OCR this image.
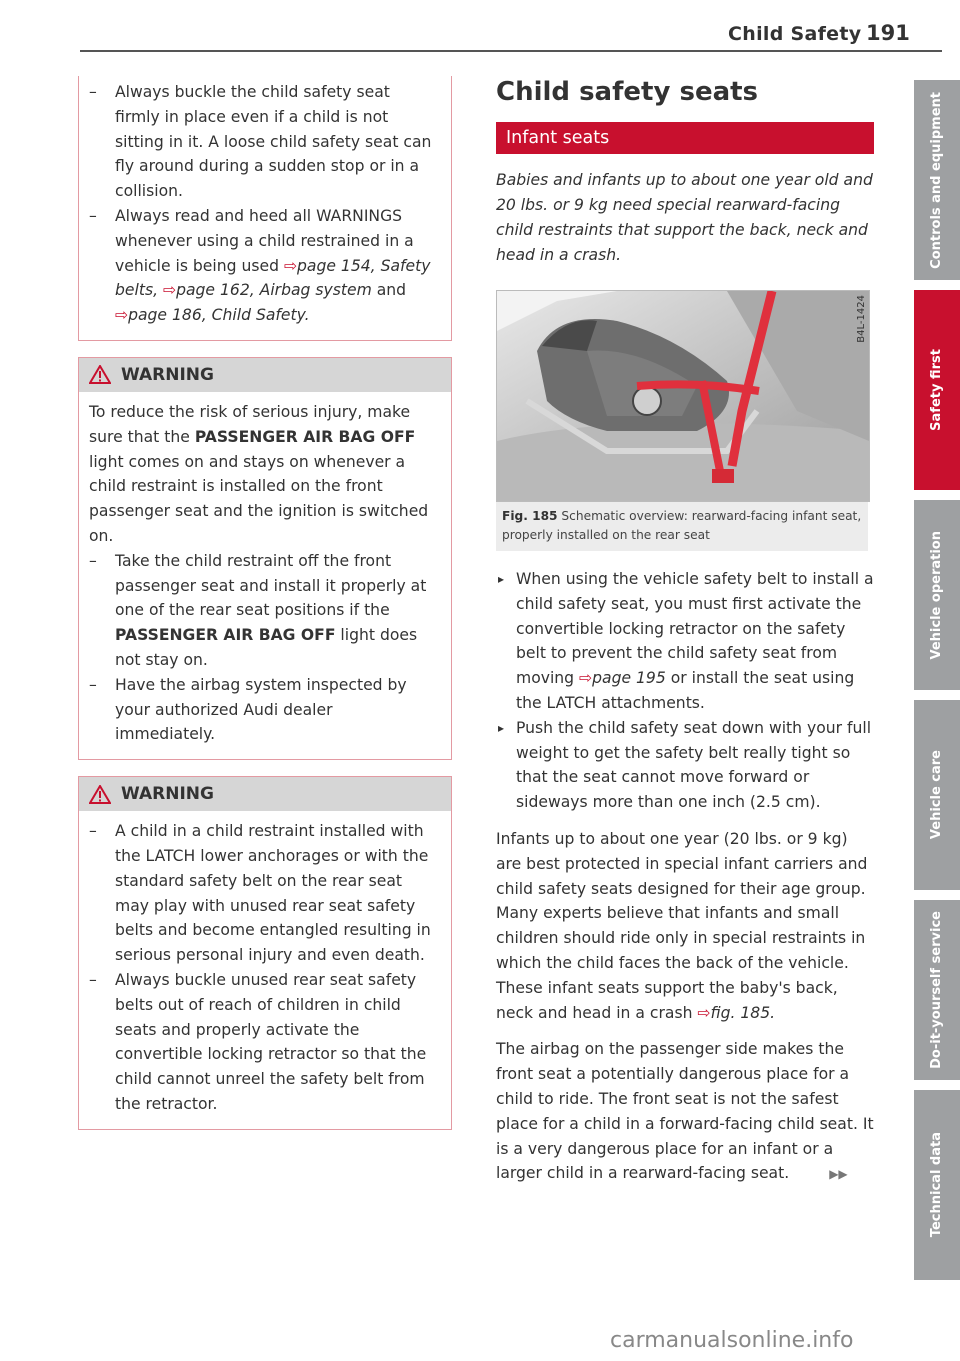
Child Safety 191

– Always buckle the child safety seat firmly in place even if a child is not sitting in it. A loose child safety seat can fly around during a sudden stop or in a collision.

– Always read and heed all WARNINGS whenever using a child restrained in a vehicle is being used ⇨page 154, Safety belts, ⇨page 162, Airbag system and ⇨page 186, Child Safety.

WARNING

To reduce the risk of serious injury, make sure that the PASSENGER AIR BAG OFF light comes on and stays on whenever a child restraint is installed on the front passenger seat and the ignition is switched on.

– Take the child restraint off the front passenger seat and install it properly at one of the rear seat positions if the PASSENGER AIR BAG OFF light does not stay on.

– Have the airbag system inspected by your authorized Audi dealer immediately.

WARNING

– A child in a child restraint installed with the LATCH lower anchorages or with the standard safety belt on the rear seat may play with unused rear seat safety belts and become entangled resulting in serious personal injury and even death.

– Always buckle unused rear seat safety belts out of reach of children in child seats and properly activate the convertible locking retractor so that the child cannot unreel the safety belt from the retractor.

Child safety seats
Infant seats

Babies and infants up to about one year old and 20 lbs. or 9 kg need special rearward-facing child restraints that support the back, neck and head in a crash.

B4L-1424
Fig. 185 Schematic overview: rearward-facing infant seat, properly installed on the rear seat

▸ When using the vehicle safety belt to install a child safety seat, you must first activate the convertible locking retractor on the safety belt to prevent the child safety seat from moving ⇨page 195 or install the seat using the LATCH attachments.

▸ Push the child safety seat down with your full weight to get the safety belt really tight so that the seat cannot move forward or sideways more than one inch (2.5 cm).

Infants up to about one year (20 lbs. or 9 kg) are best protected in special infant carriers and child safety seats designed for their age group. Many experts believe that infants and small children should ride only in special restraints in which the child faces the back of the vehicle. These infant seats support the baby's back, neck and head in a crash ⇨fig. 185.

The airbag on the passenger side makes the front seat a potentially dangerous place for a child to ride. The front seat is not the safest place for a child in a forward-facing child seat. It is a very dangerous place for an infant or a larger child in a rearward-facing seat.	▶▶

Controls and equipment
Safety first
Vehicle operation
Vehicle care
Do-it-yourself service
Technical data
carmanualsonline.info
